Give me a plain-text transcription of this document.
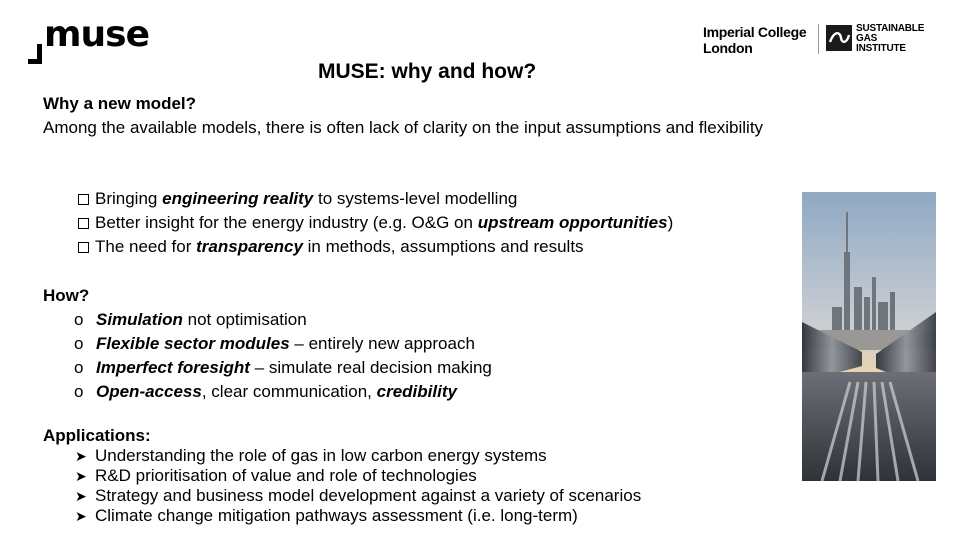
muse	Imperial College
London
SUSTAINABLE
GAS
INSTITUTE
MUSE: why and how?
Why a new model?
Among the available models, there is often lack of clarity on the input assumptions and flexibility
Bringing engineering reality to systems-level modelling
Better insight for the energy industry (e.g. O&G on upstream opportunities)
The need for transparency in methods, assumptions and results
How?
o Simulation not optimisation
o Flexible sector modules – entirely new approach
o Imperfect foresight – simulate real decision making
o Open-access, clear communication, credibility
Applications:
➤ Understanding the role of gas in low carbon energy systems
➤ R&D prioritisation of value and role of technologies
➤ Strategy and business model development against a variety of scenarios
➤ Climate change mitigation pathways assessment (i.e. long-term)
